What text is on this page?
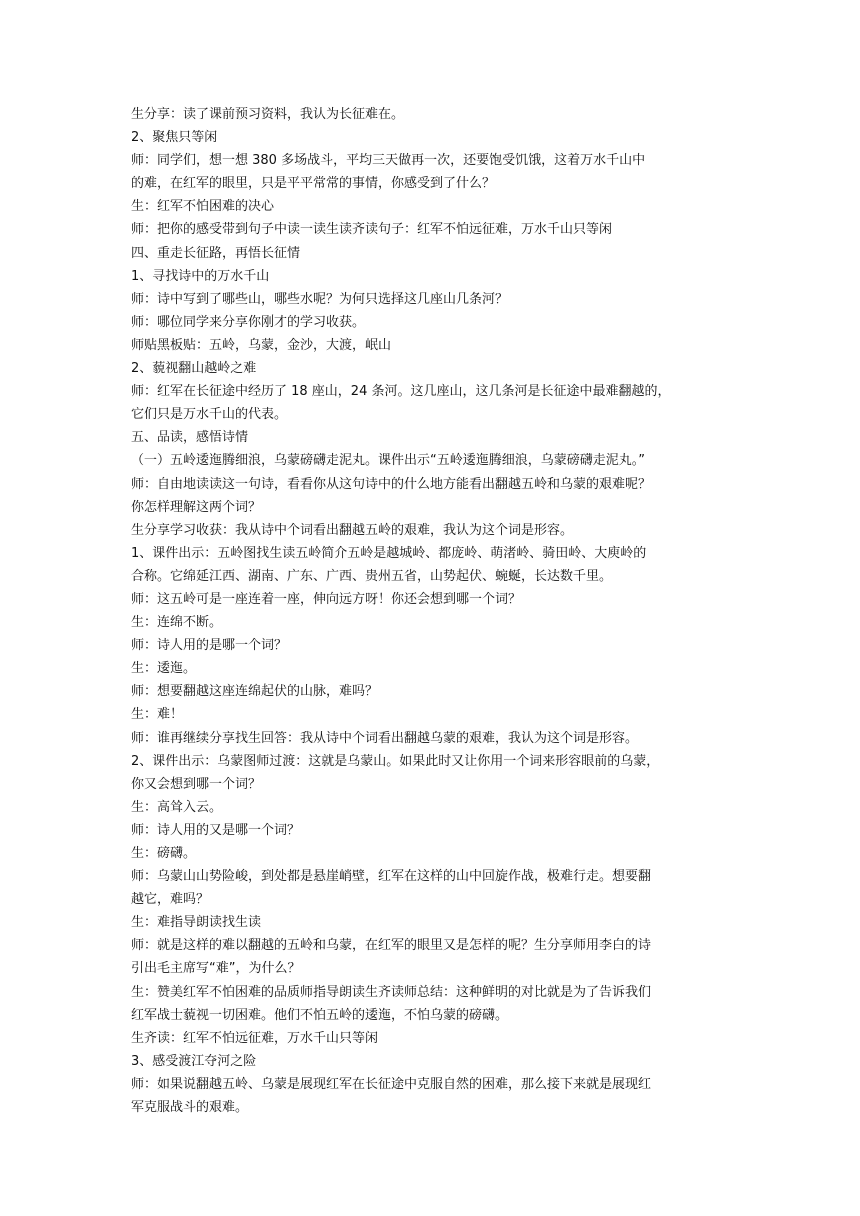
生分享：读了课前预习资料，我认为长征难在。
2、聚焦只等闲
师：同学们，想一想 380 多场战斗，平均三天做再一次，还要饱受饥饿，这着万水千山中
的难，在红军的眼里，只是平平常常的事情，你感受到了什么？
生：红军不怕困难的决心
师：把你的感受带到句子中读一读生读齐读句子：红军不怕远征难，万水千山只等闲
四、重走长征路，再悟长征情
1、寻找诗中的万水千山
师：诗中写到了哪些山，哪些水呢？为何只选择这几座山几条河？
师：哪位同学来分享你刚才的学习收获。
师贴黑板贴：五岭，乌蒙，金沙，大渡，岷山
2、藐视翻山越岭之难
师：红军在长征途中经历了 18 座山，24 条河。这几座山，这几条河是长征途中最难翻越的，
它们只是万水千山的代表。
五、品读，感悟诗情
（一）五岭逶迤腾细浪，乌蒙磅礴走泥丸。课件出示“五岭逶迤腾细浪，乌蒙磅礴走泥丸。”
师：自由地读读这一句诗，看看你从这句诗中的什么地方能看出翻越五岭和乌蒙的艰难呢？
你怎样理解这两个词？
生分享学习收获：我从诗中个词看出翻越五岭的艰难，我认为这个词是形容。
1、课件出示：五岭图找生读五岭简介五岭是越城岭、都庞岭、萌渚岭、骑田岭、大庾岭的
合称。它绵延江西、湖南、广东、广西、贵州五省，山势起伏、蜿蜒，长达数千里。
师：这五岭可是一座连着一座，伸向远方呀！你还会想到哪一个词？
生：连绵不断。
师：诗人用的是哪一个词？
生：逶迤。
师：想要翻越这座连绵起伏的山脉，难吗？
生：难！
师：谁再继续分享找生回答：我从诗中个词看出翻越乌蒙的艰难，我认为这个词是形容。
2、课件出示：乌蒙图师过渡：这就是乌蒙山。如果此时又让你用一个词来形容眼前的乌蒙，
你又会想到哪一个词？
生：高耸入云。
师：诗人用的又是哪一个词？
生：磅礴。
师：乌蒙山山势险峻，到处都是悬崖峭壁，红军在这样的山中回旋作战，极难行走。想要翻
越它，难吗？
生：难指导朗读找生读
师：就是这样的难以翻越的五岭和乌蒙，在红军的眼里又是怎样的呢？生分享师用李白的诗
引出毛主席写“难”，为什么？
生：赞美红军不怕困难的品质师指导朗读生齐读师总结：这种鲜明的对比就是为了告诉我们
红军战士藐视一切困难。他们不怕五岭的逶迤，不怕乌蒙的磅礴。
生齐读：红军不怕远征难，万水千山只等闲
3、感受渡江夺河之险
师：如果说翻越五岭、乌蒙是展现红军在长征途中克服自然的困难，那么接下来就是展现红
军克服战斗的艰难。
